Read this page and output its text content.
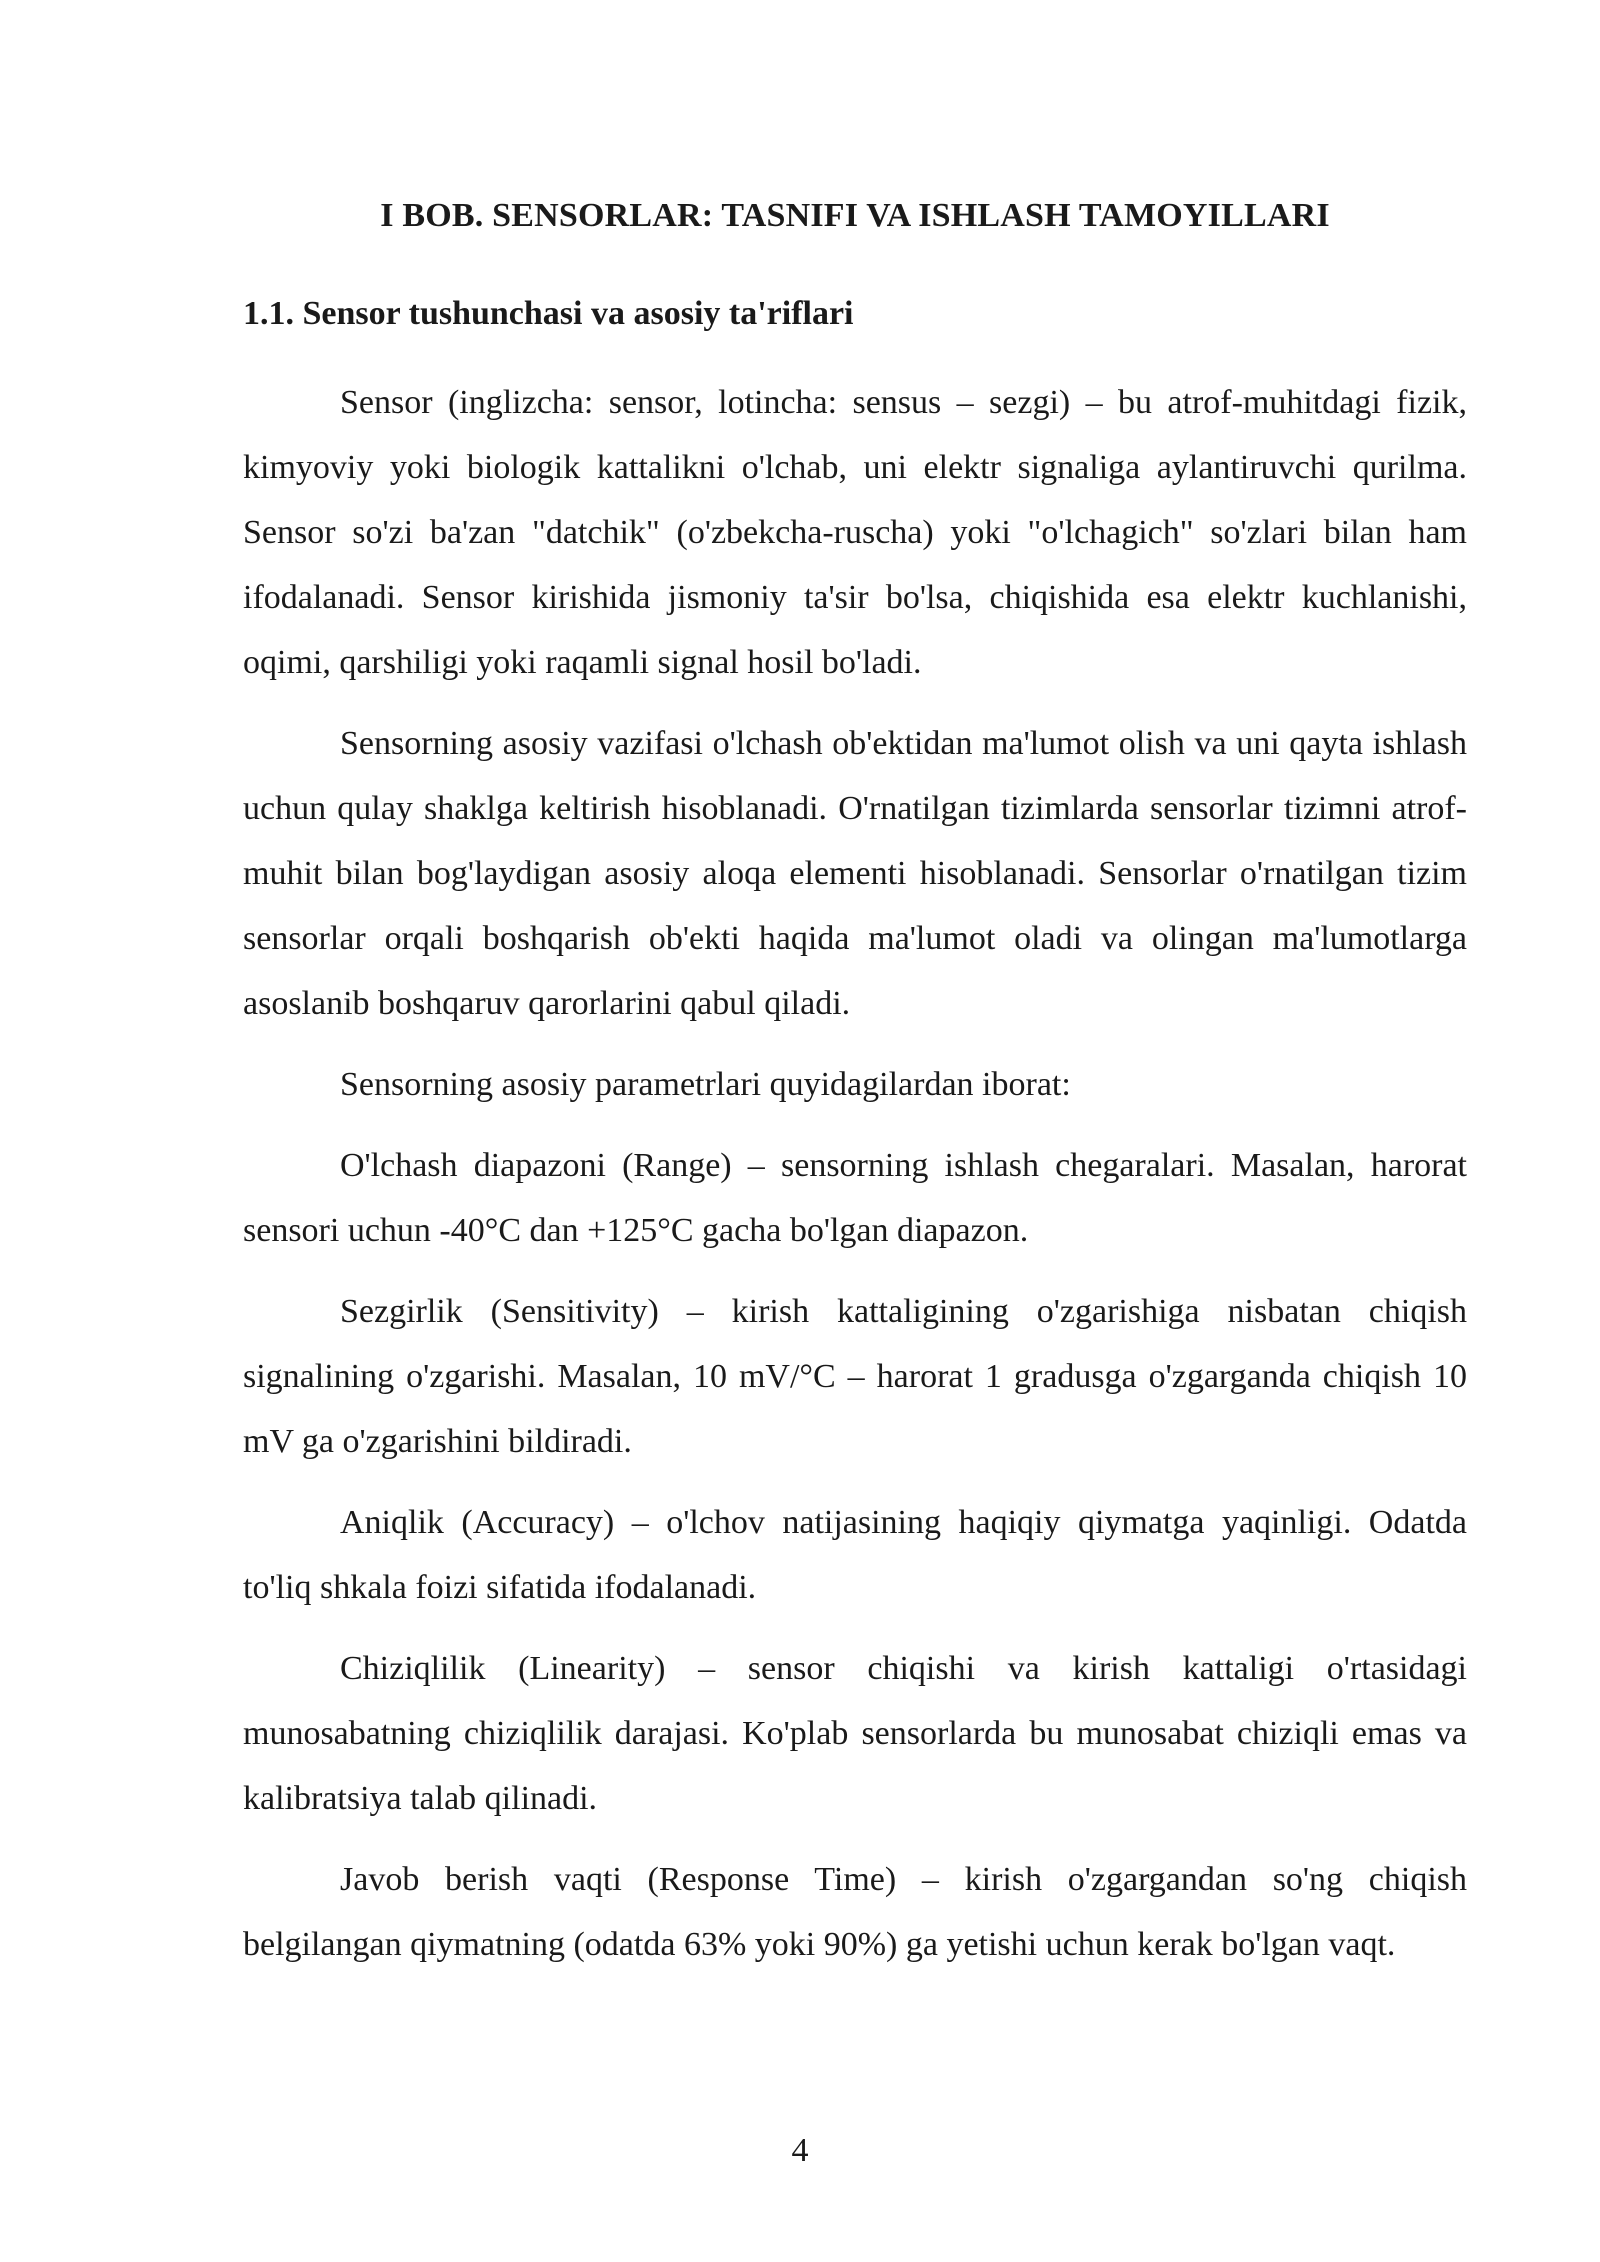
I BOB. SENSORLAR: TASNIFI VA ISHLASH TAMOYILLARI
1.1. Sensor tushunchasi va asosiy ta'riflari

Sensor (inglizcha: sensor, lotincha: sensus – sezgi) – bu atrof-muhitdagi fizik, kimyoviy yoki biologik kattalikni o'lchab, uni elektr signaliga aylantiruvchi qurilma. Sensor so'zi ba'zan "datchik" (o'zbekcha-ruscha) yoki "o'lchagich" so'zlari bilan ham ifodalanadi. Sensor kirishida jismoniy ta'sir bo'lsa, chiqishida esa elektr kuchlanishi, oqimi, qarshiligi yoki raqamli signal hosil bo'ladi.

Sensorning asosiy vazifasi o'lchash ob'ektidan ma'lumot olish va uni qayta ishlash uchun qulay shaklga keltirish hisoblanadi. O'rnatilgan tizimlarda sensorlar tizimni atrof-muhit bilan bog'laydigan asosiy aloqa elementi hisoblanadi. Sensorlar o'rnatilgan tizim sensorlar orqali boshqarish ob'ekti haqida ma'lumot oladi va olingan ma'lumotlarga asoslanib boshqaruv qarorlarini qabul qiladi.

Sensorning asosiy parametrlari quyidagilardan iborat:

O'lchash diapazoni (Range) – sensorning ishlash chegaralari. Masalan, harorat sensori uchun -40°C dan +125°C gacha bo'lgan diapazon.

Sezgirlik (Sensitivity) – kirish kattaligining o'zgarishiga nisbatan chiqish signalining o'zgarishi. Masalan, 10 mV/°C – harorat 1 gradusga o'zgarganda chiqish 10 mV ga o'zgarishini bildiradi.

Aniqlik (Accuracy) – o'lchov natijasining haqiqiy qiymatga yaqinligi. Odatda to'liq shkala foizi sifatida ifodalanadi.

Chiziqlilik (Linearity) – sensor chiqishi va kirish kattaligi o'rtasidagi munosabatning chiziqlilik darajasi. Ko'plab sensorlarda bu munosabat chiziqli emas va kalibratsiya talab qilinadi.

Javob berish vaqti (Response Time) – kirish o'zgargandan so'ng chiqish belgilangan qiymatning (odatda 63% yoki 90%) ga yetishi uchun kerak bo'lgan vaqt.

4
